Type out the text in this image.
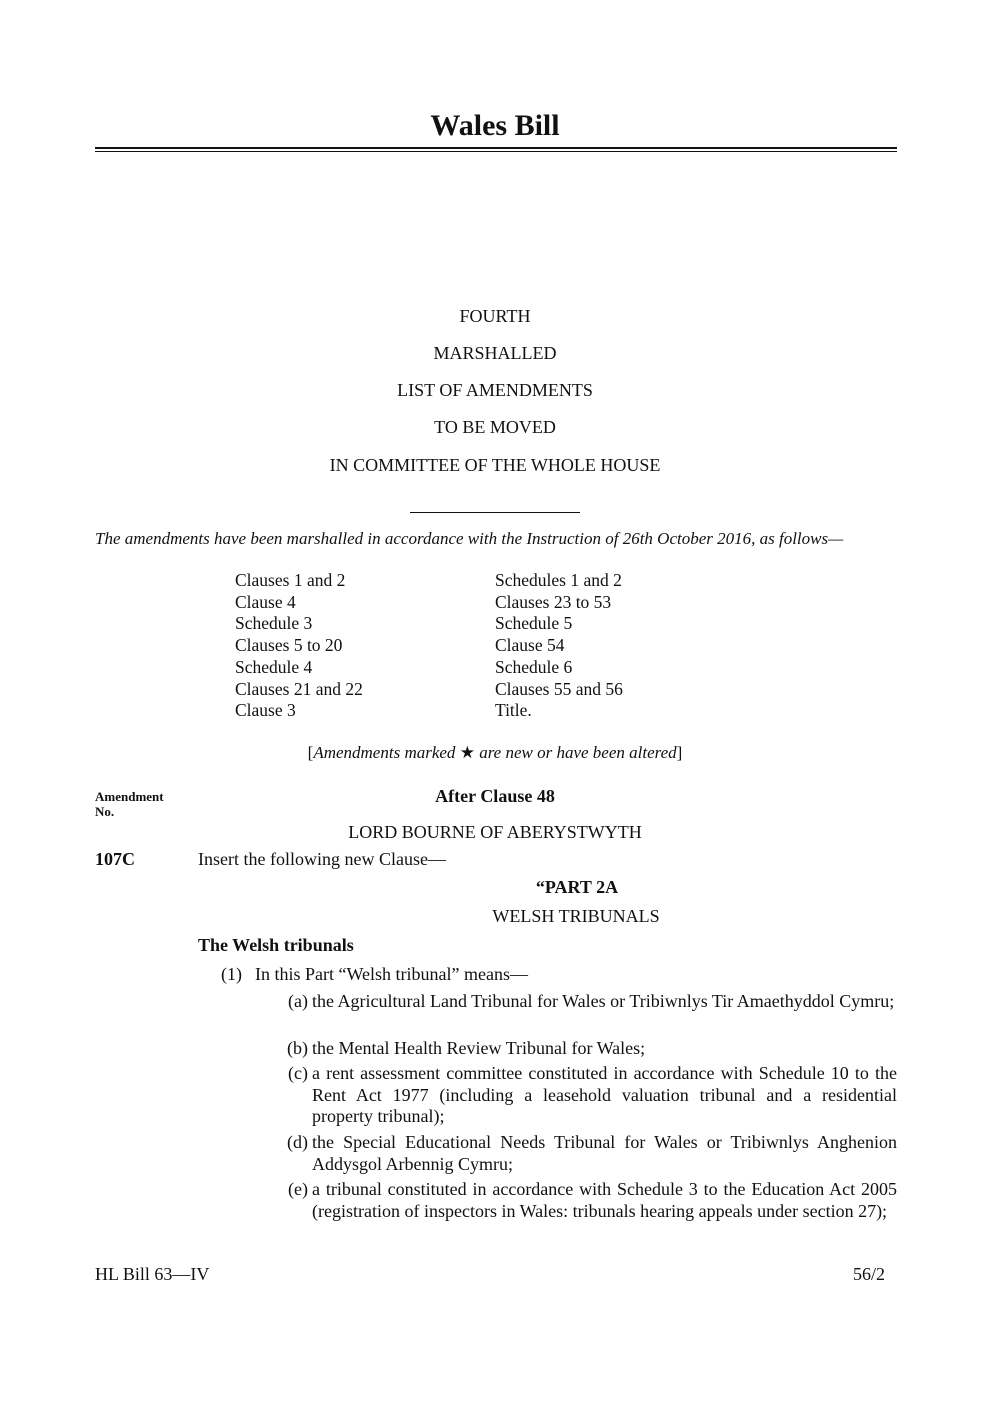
Wales Bill
FOURTH
MARSHALLED
LIST OF AMENDMENTS
TO BE MOVED
IN COMMITTEE OF THE WHOLE HOUSE
The amendments have been marshalled in accordance with the Instruction of 26th October 2016, as follows—
Clauses 1 and 2
Clause 4
Schedule 3
Clauses 5 to 20
Schedule 4
Clauses 21 and 22
Clause 3
Schedules 1 and 2
Clauses 23 to 53
Schedule 5
Clause 54
Schedule 6
Clauses 55 and 56
Title.
[Amendments marked ★ are new or have been altered]
Amendment
No.
After Clause 48
LORD BOURNE OF ABERYSTWYTH
107C	Insert the following new Clause—
“PART 2A
WELSH TRIBUNALS
The Welsh tribunals
(1) In this Part “Welsh tribunal” means—
(a) the Agricultural Land Tribunal for Wales or Tribiwnlys Tir Amaethyddol Cymru;
(b) the Mental Health Review Tribunal for Wales;
(c) a rent assessment committee constituted in accordance with Schedule 10 to the Rent Act 1977 (including a leasehold valuation tribunal and a residential property tribunal);
(d) the Special Educational Needs Tribunal for Wales or Tribiwnlys Anghenion Addysgol Arbennig Cymru;
(e) a tribunal constituted in accordance with Schedule 3 to the Education Act 2005 (registration of inspectors in Wales: tribunals hearing appeals under section 27);
HL Bill 63—IV	56/2
